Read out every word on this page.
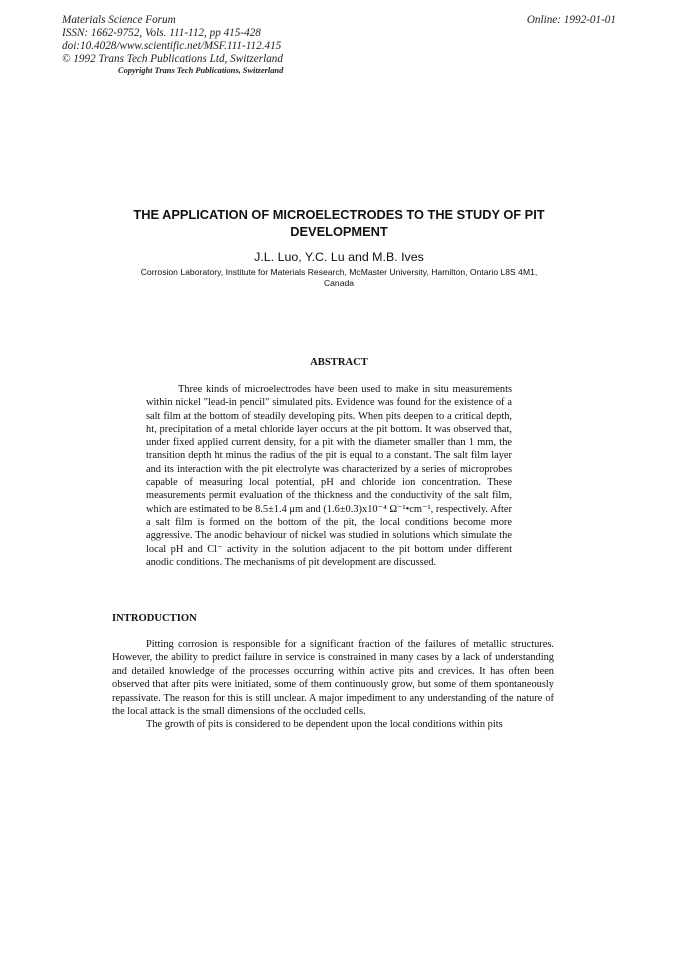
Materials Science Forum
ISSN: 1662-9752, Vols. 111-112, pp 415-428
doi:10.4028/www.scientific.net/MSF.111-112.415
© 1992 Trans Tech Publications Ltd, Switzerland
Online: 1992-01-01
Copyright Trans Tech Publications, Switzerland
THE APPLICATION OF MICROELECTRODES TO THE STUDY OF PIT DEVELOPMENT
J.L. Luo, Y.C. Lu and M.B. Ives
Corrosion Laboratory, Institute for Materials Research, McMaster University, Hamilton, Ontario L8S 4M1, Canada
ABSTRACT

Three kinds of microelectrodes have been used to make in situ measurements within nickel "lead-in pencil" simulated pits. Evidence was found for the existence of a salt film at the bottom of steadily developing pits. When pits deepen to a critical depth, ht, precipitation of a metal chloride layer occurs at the pit bottom. It was observed that, under fixed applied current density, for a pit with the diameter smaller than 1 mm, the transition depth ht minus the radius of the pit is equal to a constant. The salt film layer and its interaction with the pit electrolyte was characterized by a series of microprobes capable of measuring local potential, pH and chloride ion concentration. These measurements permit evaluation of the thickness and the conductivity of the salt film, which are estimated to be 8.5±1.4 μm and (1.6±0.3)x10⁻⁴ Ω⁻¹•cm⁻¹, respectively. After a salt film is formed on the bottom of the pit, the local conditions become more aggressive. The anodic behaviour of nickel was studied in solutions which simulate the local pH and Cl⁻ activity in the solution adjacent to the pit bottom under different anodic conditions. The mechanisms of pit development are discussed.

INTRODUCTION

Pitting corrosion is responsible for a significant fraction of the failures of metallic structures. However, the ability to predict failure in service is constrained in many cases by a lack of understanding and detailed knowledge of the processes occurring within active pits and crevices. It has often been observed that after pits were initiated, some of them continuously grow, but some of them spontaneously repassivate. The reason for this is still unclear. A major impediment to any understanding of the nature of the local attack is the small dimensions of the occluded cells.

The growth of pits is considered to be dependent upon the local conditions within pits
